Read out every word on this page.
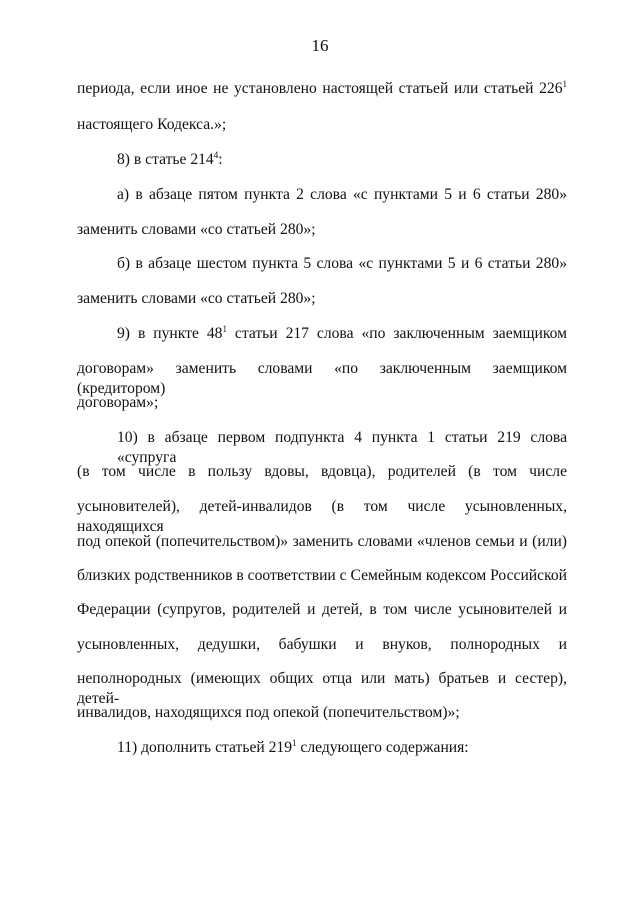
16
периода, если иное не установлено настоящей статьей или статьей $226^1$
настоящего Кодекса.»;
8) в статье $214^4$:
а) в абзаце пятом пункта 2 слова «с пунктами 5 и 6 статьи 280»
заменить словами «со статьей 280»;
б) в абзаце шестом пункта 5 слова «с пунктами 5 и 6 статьи 280»
заменить словами «со статьей 280»;
9) в пункте $48^1$ статьи 217 слова «по заключенным заемщиком
договорам» заменить словами «по заключенным заемщиком (кредитором)
договорам»;
10) в абзаце первом подпункта 4 пункта 1 статьи 219 слова «супруга
(в том числе в пользу вдовы, вдовца), родителей (в том числе
усыновителей), детей-инвалидов (в том числе усыновленных, находящихся
под опекой (попечительством)» заменить словами «членов семьи и (или)
близких родственников в соответствии с Семейным кодексом Российской
Федерации (супругов, родителей и детей, в том числе усыновителей и
усыновленных, дедушки, бабушки и внуков, полнородных и
неполнородных (имеющих общих отца или мать) братьев и сестер), детей-
инвалидов, находящихся под опекой (попечительством)»;
11) дополнить статьей $219^1$ следующего содержания:
